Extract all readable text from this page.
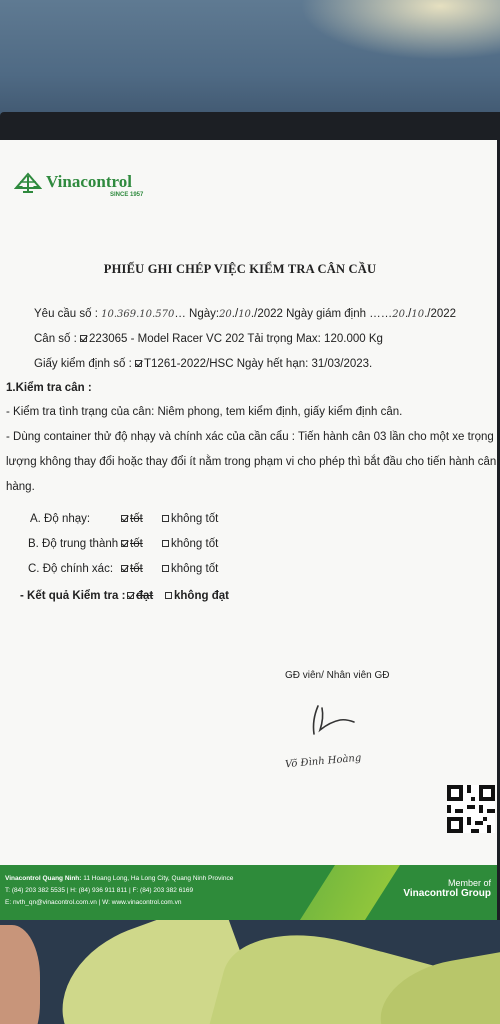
Vinacontrol
SINCE 1957
PHIẾU GHI CHÉP VIỆC KIỂM TRA CÂN CẦU
Yêu cầu số : 10.369.10.570… Ngày:20./10./2022 Ngày giám định ……20./10./2022
Cân số : 223065 - Model Racer VC 202 Tải trọng Max: 120.000 Kg
Giấy kiểm định số : T1261-2022/HSC Ngày hết hạn: 31/03/2023.
1.Kiểm tra cân :
- Kiểm tra tình trạng của cân: Niêm phong, tem kiểm định, giấy kiểm định cân.
- Dùng container thử độ nhạy và chính xác của cần cẩu : Tiến hành cân 03 lần cho một xe trọng
lượng không thay đổi hoặc thay đổi ít nằm trong phạm vi cho phép thì bắt đầu cho tiến hành cân
hàng.
A. Độ nhạy:	tốt	không tốt
B. Độ trung thành : tốt	không tốt
C. Độ chính xác:	tốt	không tốt
- Kết quả Kiểm tra : đạt	không đạt
GĐ viên/ Nhân viên GĐ
Võ Đình Hoàng
Vinacontrol Quang Ninh: 11 Hoang Long, Ha Long City, Quang Ninh Province
T: (84) 203 382 5535 | H: (84) 936 911 811 | F: (84) 203 382 6169
E: nvth_qn@vinacontrol.com.vn | W: www.vinacontrol.com.vn
Member of
Vinacontrol Group
